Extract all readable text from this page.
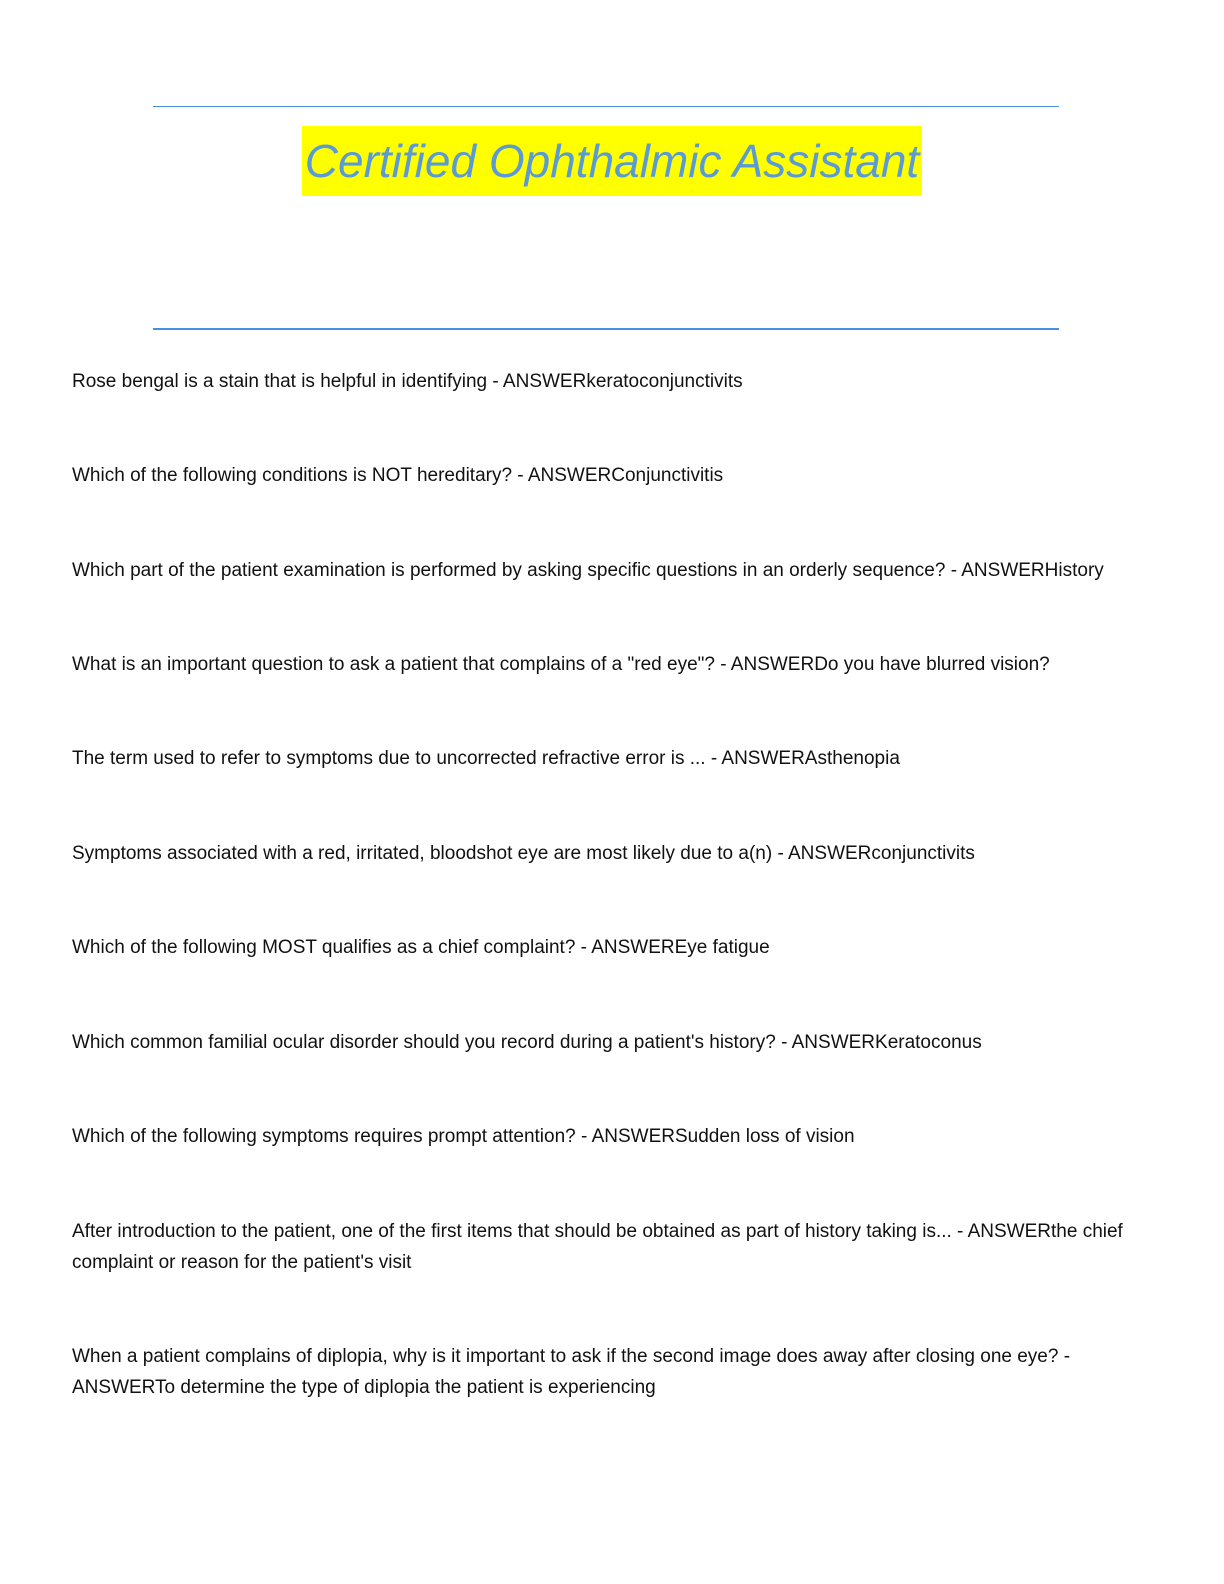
Certified Ophthalmic Assistant
Rose bengal is a stain that is helpful in identifying - ANSWERkeratoconjunctivits
Which of the following conditions is NOT hereditary? - ANSWERConjunctivitis
Which part of the patient examination is performed by asking specific questions in an orderly sequence? - ANSWERHistory
What is an important question to ask a patient that complains of a "red eye"? - ANSWERDo you have blurred vision?
The term used to refer to symptoms due to uncorrected refractive error is ... - ANSWERAsthenopia
Symptoms associated with a red, irritated, bloodshot eye are most likely due to a(n) - ANSWERconjunctivits
Which of the following MOST qualifies as a chief complaint? - ANSWEREye fatigue
Which common familial ocular disorder should you record during a patient's history? - ANSWERKeratoconus
Which of the following symptoms requires prompt attention? - ANSWERSudden loss of vision
After introduction to the patient, one of the first items that should be obtained as part of history taking is... - ANSWERthe chief complaint or reason for the patient's visit
When a patient complains of diplopia, why is it important to ask if the second image does away after closing one eye? - ANSWERTo determine the type of diplopia the patient is experiencing
